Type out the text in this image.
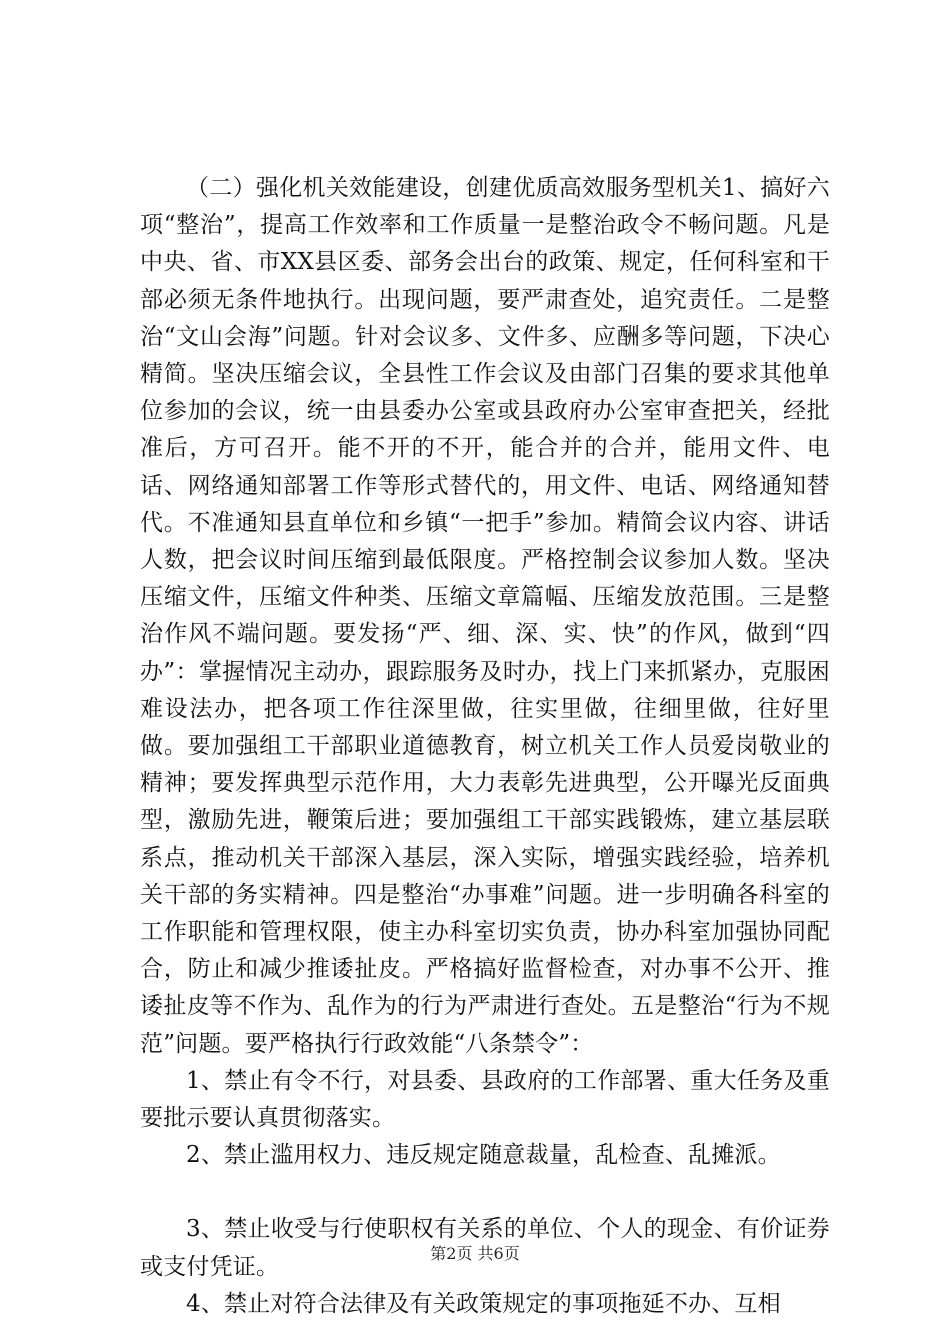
（二）强化机关效能建设，创建优质高效服务型机关1、搞好六项“整治”，提高工作效率和工作质量一是整治政令不畅问题。凡是中央、省、市XX县区委、部务会出台的政策、规定，任何科室和干部必须无条件地执行。出现问题，要严肃查处，追究责任。二是整治“文山会海”问题。针对会议多、文件多、应酬多等问题，下决心精简。坚决压缩会议，全县性工作会议及由部门召集的要求其他单位参加的会议，统一由县委办公室或县政府办公室审查把关，经批准后，方可召开。能不开的不开，能合并的合并，能用文件、电话、网络通知部署工作等形式替代的，用文件、电话、网络通知替代。不准通知县直单位和乡镇“一把手”参加。精简会议内容、讲话人数，把会议时间压缩到最低限度。严格控制会议参加人数。坚决压缩文件，压缩文件种类、压缩文章篇幅、压缩发放范围。三是整治作风不端问题。要发扬“严、细、深、实、快”的作风，做到“四办”：掌握情况主动办，跟踪服务及时办，找上门来抓紧办，克服困难设法办，把各项工作往深里做，往实里做，往细里做，往好里做。要加强组工干部职业道德教育，树立机关工作人员爱岗敬业的精神；要发挥典型示范作用，大力表彰先进典型，公开曝光反面典型，激励先进，鞭策后进；要加强组工干部实践锻炼，建立基层联系点，推动机关干部深入基层，深入实际，增强实践经验，培养机关干部的务实精神。四是整治“办事难”问题。进一步明确各科室的工作职能和管理权限，使主办科室切实负责，协办科室加强协同配合，防止和减少推诿扯皮。严格搞好监督检查，对办事不公开、推诿扯皮等不作为、乱作为的行为严肃进行查处。五是整治“行为不规范”问题。要严格执行行政效能“八条禁令”：

1、禁止有令不行，对县委、县政府的工作部署、重大任务及重要批示要认真贯彻落实。

2、禁止滥用权力、违反规定随意裁量，乱检查、乱摊派。

3、禁止收受与行使职权有关系的单位、个人的现金、有价证券或支付凭证。

4、禁止对符合法律及有关政策规定的事项拖延不办、互相

第2页 共6页
